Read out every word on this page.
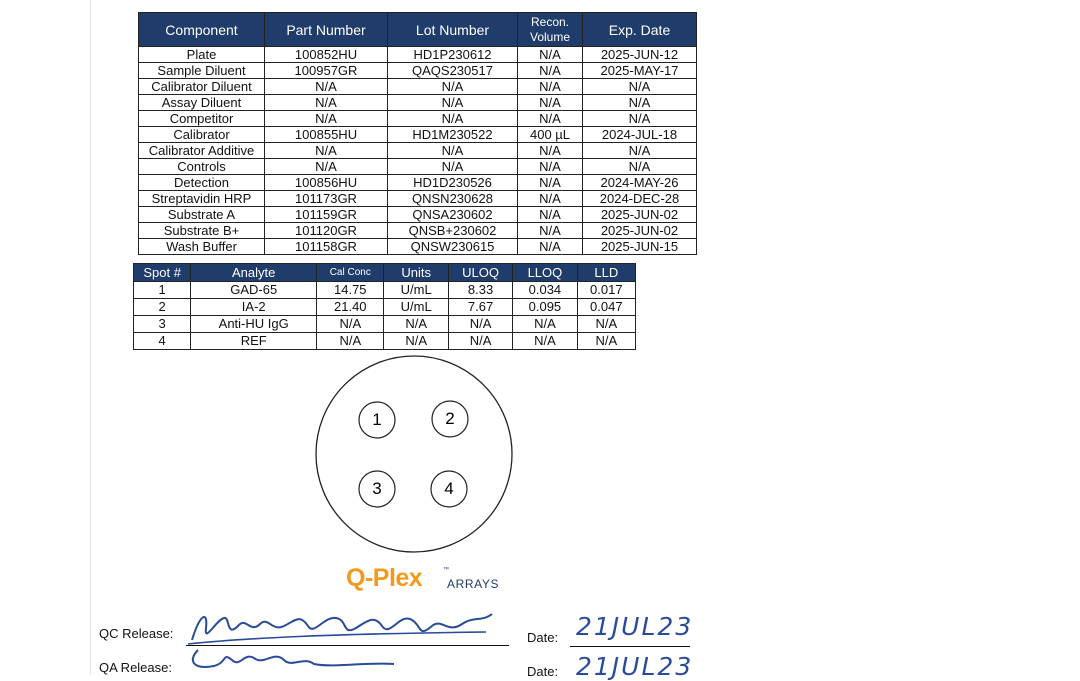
Component	Part Number	Lot Number	Recon. Volume	Exp. Date
Plate	100852HU	HD1P230612	N/A	2025-JUN-12
Sample Diluent	100957GR	QAQS230517	N/A	2025-MAY-17
Calibrator Diluent	N/A	N/A	N/A	N/A
Assay Diluent	N/A	N/A	N/A	N/A
Competitor	N/A	N/A	N/A	N/A
Calibrator	100855HU	HD1M230522	400 µL	2024-JUL-18
Calibrator Additive	N/A	N/A	N/A	N/A
Controls	N/A	N/A	N/A	N/A
Detection	100856HU	HD1D230526	N/A	2024-MAY-26
Streptavidin HRP	101173GR	QNSN230628	N/A	2024-DEC-28
Substrate A	101159GR	QNSA230602	N/A	2025-JUN-02
Substrate B+	101120GR	QNSB+230602	N/A	2025-JUN-02
Wash Buffer	101158GR	QNSW230615	N/A	2025-JUN-15
Spot #	Analyte	Cal Conc	Units	ULOQ	LLOQ	LLD
1	GAD-65	14.75	U/mL	8.33	0.034	0.017
2	IA-2	21.40	U/mL	7.67	0.095	0.047
3	Anti-HU IgG	N/A	N/A	N/A	N/A	N/A
4	REF	N/A	N/A	N/A	N/A	N/A
1	2
3	4
Q-Plex	™
ARRAYS
QC Release:	Date: 21JUL23
QA Release:	Date: 21JUL23
